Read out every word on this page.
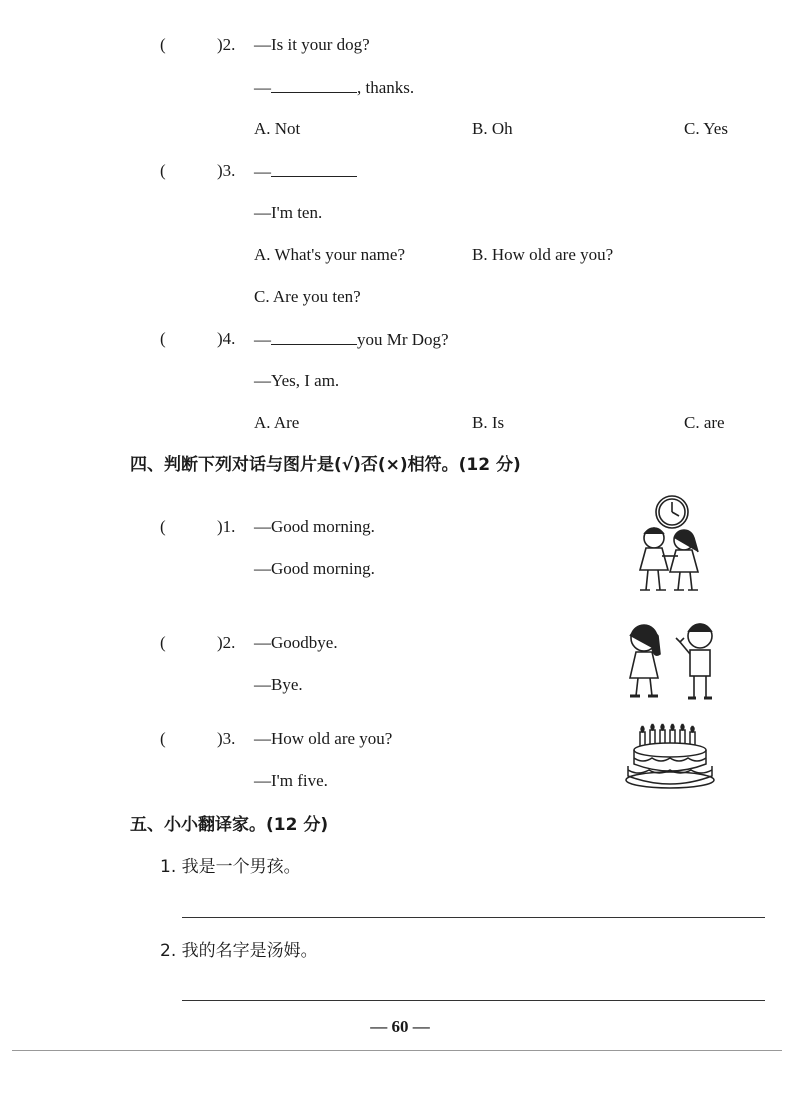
(	)2. —Is it your dog?
—	, thanks.
A. Not	B. Oh	C. Yes
(	)3. —
—I'm ten.
A. What's your name?	B. How old are you?
C. Are you ten?
(	)4. —	you Mr Dog?
—Yes, I am.
A. Are	B. Is	C. are
四、判断下列对话与图片是(√)否(×)相符。(12 分)
(	)1. —Good morning.
—Good morning.
(	)2. —Goodbye.
—Bye.
(	)3. —How old are you?
—I'm five.
五、小小翻译家。(12 分)
1. 我是一个男孩。
2. 我的名字是汤姆。
— 60 —
